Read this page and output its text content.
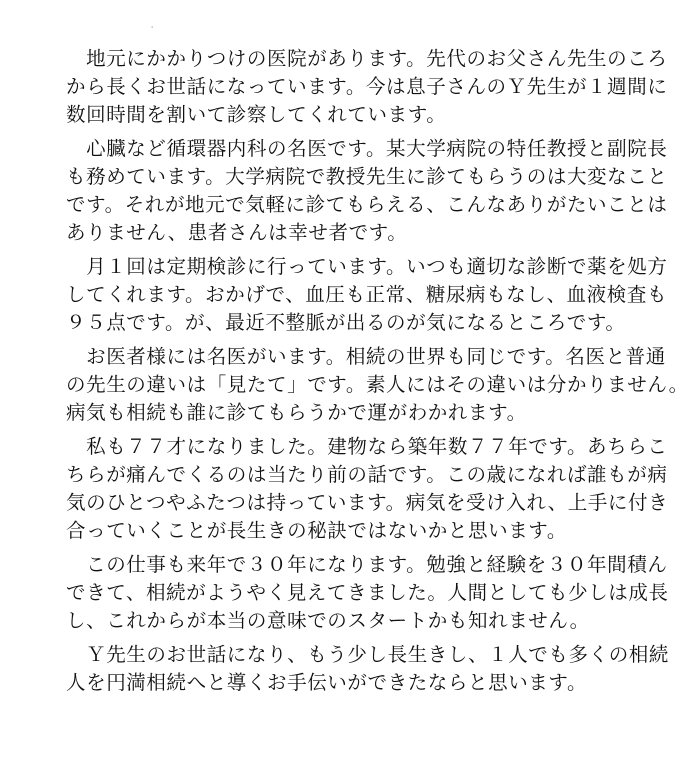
'
　地元にかかりつけの医院があります。先代のお父さん先生のころ
から長くお世話になっています。今は息子さんのＹ先生が１週間に
数回時間を割いて診察してくれています。
　心臓など循環器内科の名医です。某大学病院の特任教授と副院長
も務めています。大学病院で教授先生に診てもらうのは大変なこと
です。それが地元で気軽に診てもらえる、こんなありがたいことは
ありません、患者さんは幸せ者です。
　月１回は定期検診に行っています。いつも適切な診断で薬を処方
してくれます。おかげで、血圧も正常、糖尿病もなし、血液検査も
９５点です。が、最近不整脈が出るのが気になるところです。
　お医者様には名医がいます。相続の世界も同じです。名医と普通
の先生の違いは「見たて」です。素人にはその違いは分かりません。
病気も相続も誰に診てもらうかで運がわかれます。
　私も７７才になりました。建物なら築年数７７年です。あちらこ
ちらが痛んでくるのは当たり前の話です。この歳になれば誰もが病
気のひとつやふたつは持っています。病気を受け入れ、上手に付き
合っていくことが長生きの秘訣ではないかと思います。
　この仕事も来年で３０年になります。勉強と経験を３０年間積ん
できて、相続がようやく見えてきました。人間としても少しは成長
し、これからが本当の意味でのスタートかも知れません。
　Ｙ先生のお世話になり、もう少し長生きし、１人でも多くの相続
人を円満相続へと導くお手伝いができたならと思います。
